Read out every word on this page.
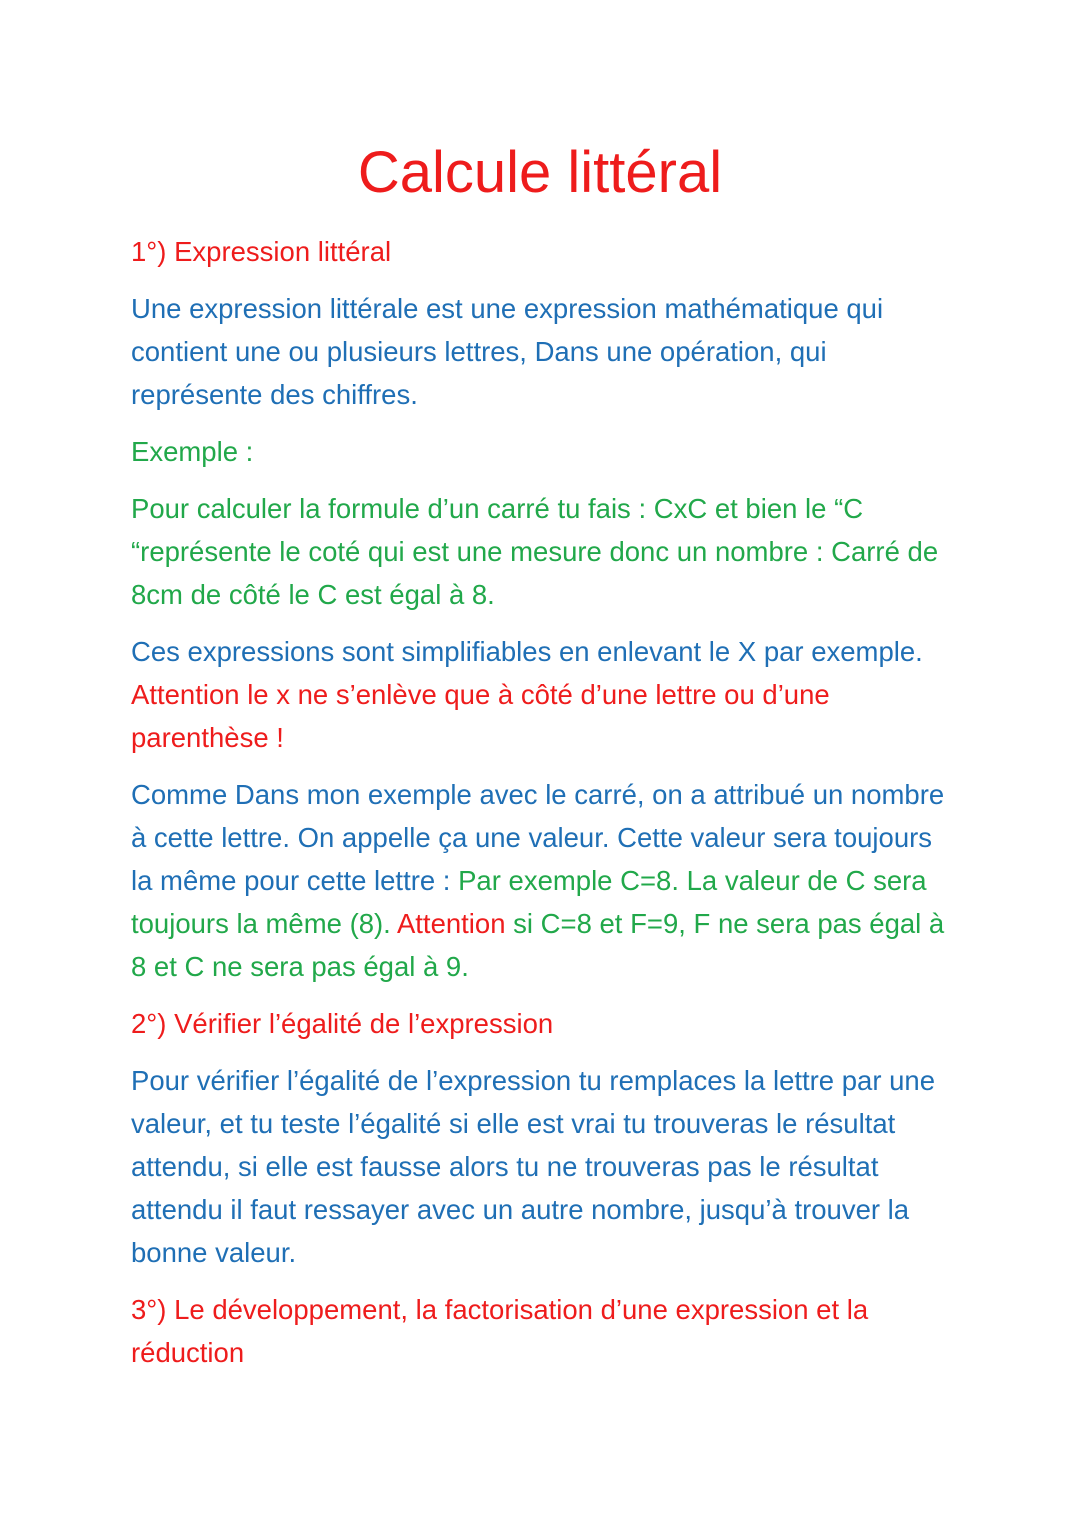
Calcule littéral

1°) Expression littéral

Une expression littérale est une expression mathématique qui contient une ou plusieurs lettres, Dans une opération, qui représente des chiffres.

Exemple :

Pour calculer la formule d’un carré tu fais : CxC et bien le “C “représente le coté qui est une mesure donc un nombre : Carré de 8cm de côté le C est égal à 8.

Ces expressions sont simplifiables en enlevant le X par exemple. Attention le x ne s’enlève que à côté d’une lettre ou d’une parenthèse !

Comme Dans mon exemple avec le carré, on a attribué un nombre à cette lettre. On appelle ça une valeur. Cette valeur sera toujours la même pour cette lettre : Par exemple C=8. La valeur de C sera toujours la même (8). Attention si C=8 et F=9, F ne sera pas égal à 8 et C ne sera pas égal à 9.

2°) Vérifier l’égalité de l’expression

Pour vérifier l’égalité de l’expression tu remplaces la lettre par une valeur, et tu teste l’égalité si elle est vrai tu trouveras le résultat attendu, si elle est fausse alors tu ne trouveras pas le résultat attendu il faut ressayer avec un autre nombre, jusqu’à trouver la bonne valeur.

3°) Le développement, la factorisation d’une expression et la réduction
